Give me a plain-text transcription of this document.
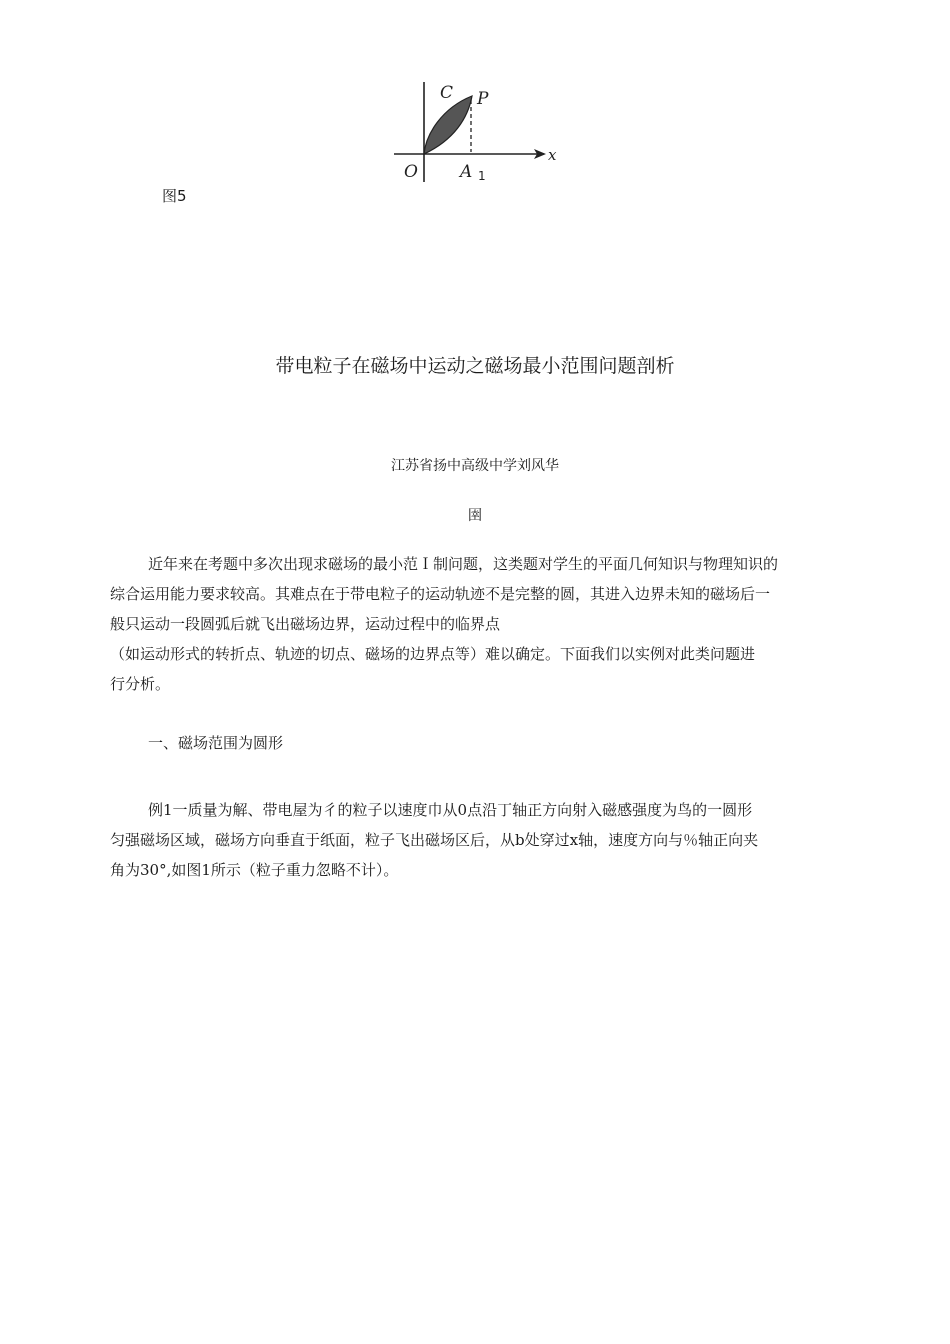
C P
x
O A 1
图5
带电粒子在磁场中运动之磁场最小范围问题剖析
江苏省扬中高级中学刘风华
圉
近年来在考题中多次出现求磁场的最小范Ｉ制问题，这类题对学生的平面几何知识与物理知识的
综合运用能力要求较高。其难点在于带电粒子的运动轨迹不是完整的圆，其进入边界未知的磁场后一
般只运动一段圆弧后就飞出磁场边界，运动过程中的临界点
（如运动形式的转折点、轨迹的切点、磁场的边界点等）难以确定。下面我们以实例对此类问题进
行分析。
一、磁场范围为圆形
例1一质量为解、带电屋为彳的粒子以速度巾从0点沿丁轴正方向射入磁感强度为鸟的一圆形
匀强磁场区域，磁场方向垂直于纸面，粒子飞出磁场区后，从b处穿过x轴，速度方向与％轴正向夹
角为30°,如图1所示（粒子重力忽略不计）。
